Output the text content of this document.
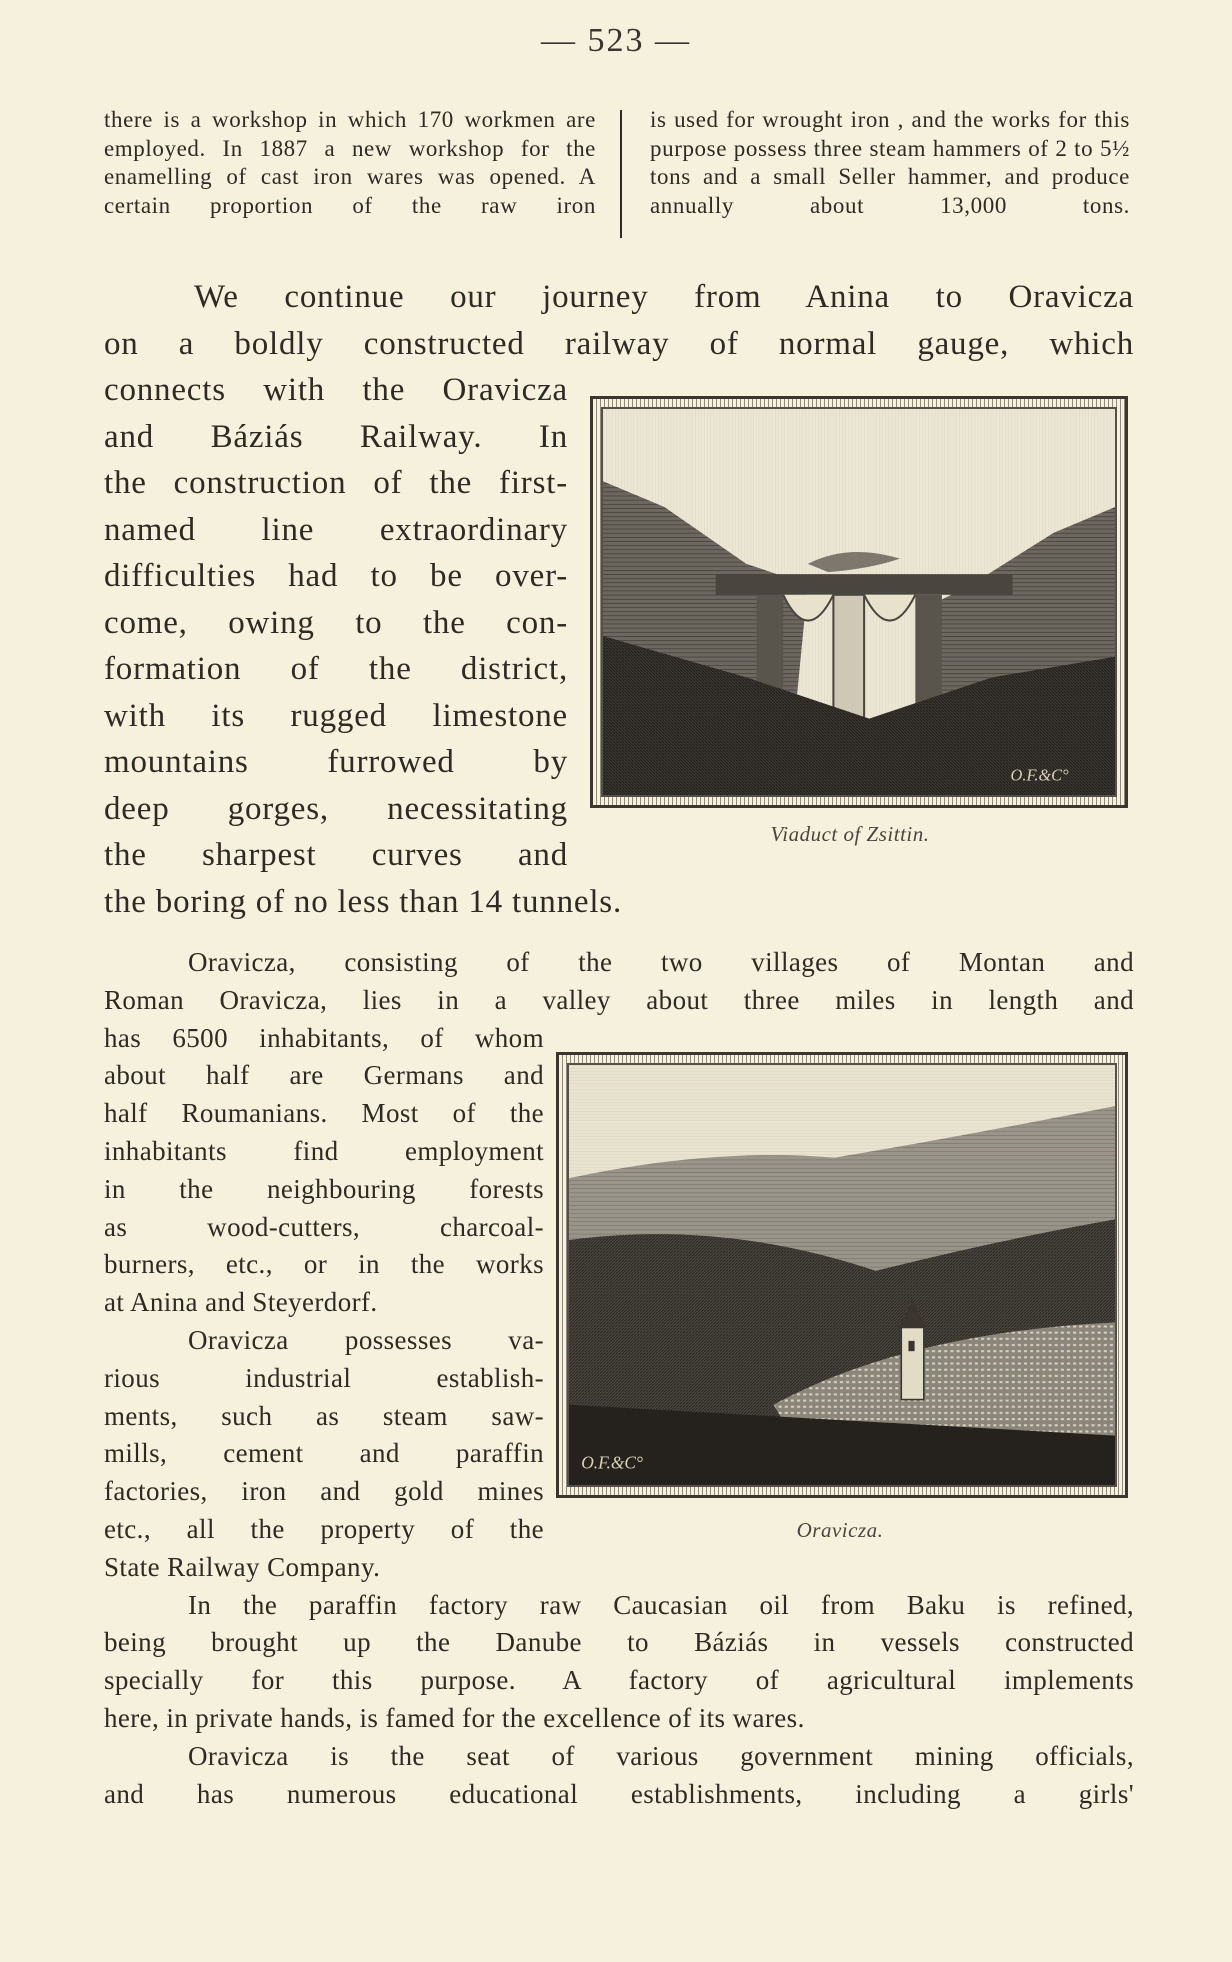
— 523 —
there is a workshop in which 170 workmen are employed. In 1887 a new workshop for the enamelling of cast iron wares was opened. A certain proportion of the raw iron
is used for wrought iron , and the works for this purpose possess three steam hammers of 2 to 5½ tons and a small Seller hammer, and produce annually about 13,000 tons.
We continue our journey from Anina to Oravicza
on a boldly constructed railway of normal gauge, which
connects with the Oravicza
and Báziás Railway. In
the construction of the first-
named line extraordinary
difficulties had to be over-
come, owing to the con-
formation of the district,
with its rugged limestone
mountains furrowed by
deep gorges, necessitating
the sharpest curves and
the boring of no less than 14 tunnels.
O.F.&C°
Viaduct of Zsittin.
Oravicza, consisting of the two villages of Montan and
Roman Oravicza, lies in a valley about three miles in length and
has 6500 inhabitants, of whom
about half are Germans and
half Roumanians. Most of the
inhabitants find employment
in the neighbouring forests
as wood-cutters, charcoal-
burners, etc., or in the works
at Anina and Steyerdorf.
Oravicza possesses va-
rious industrial establish-
ments, such as steam saw-
mills, cement and paraffin
factories, iron and gold mines
etc., all the property of the
State Railway Company.
In the paraffin factory raw Caucasian oil from Baku is refined,
being brought up the Danube to Báziás in vessels constructed
specially for this purpose. A factory of agricultural implements
here, in private hands, is famed for the excellence of its wares.
Oravicza is the seat of various government mining officials,
and has numerous educational establishments, including a girls'
O.F.&C°
Oravicza.
